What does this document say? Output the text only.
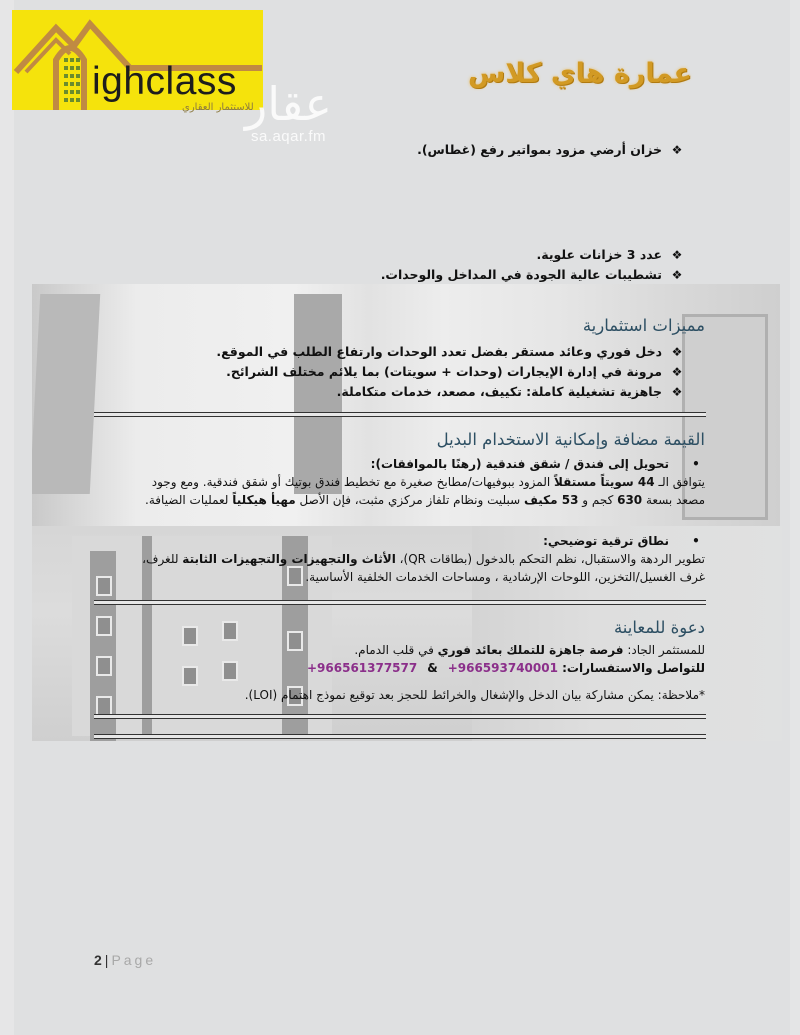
ighclass
للاستثمار العقاري
عقار
sa.aqar.fm
عمارة هاي كلاس
❖خزان أرضي مزود بمواتير رفع (غطاس).
❖عدد 3 خزانات علوية.
❖تشطيبات عالية الجودة في المداخل والوحدات.
مميزات استثمارية
❖دخل فوري وعائد مستقر بفضل تعدد الوحدات وارتفاع الطلب في الموقع.
❖مرونة في إدارة الإيجارات (وحدات + سويتات) بما يلائم مختلف الشرائح.
❖جاهزية تشغيلية كاملة: تكييف، مصعد، خدمات متكاملة.
القيمة مضافة وإمكانية الاستخدام البديل
•تحويل إلى فندق / شقق فندقية (رهنًا بالموافقات):
يتوافق الـ 44 سويتاً مستقلاً المزود ببوفيهات/مطابخ صغيرة مع تخطيط فندق بوتيك أو شقق فندقية. ومع وجود
مصعد بسعة 630 كجم و 53 مكيف سبليت ونظام تلفاز مركزي مثبت، فإن الأصل مهيأ هيكلياً لعمليات الضيافة.
•نطاق ترقية توضيحي:
تطوير الردهة والاستقبال، نظم التحكم بالدخول (بطاقات QR)، الأثاث والتجهيزات والتجهيزات الثابتة للغرف،
غرف الغسيل/التخزين، اللوحات الإرشادية ، ومساحات الخدمات الخلفية الأساسية.
دعوة للمعاينة
للمستثمر الجاد: فرصة جاهزة للتملك بعائد فوري في قلب الدمام.
للتواصل والاستفسارات: +966561377577 & +966593740001
*ملاحظة: يمكن مشاركة بيان الدخل والإشغال والخرائط للحجز بعد توقيع نموذج اهتمام (LOI).
2 | Page
